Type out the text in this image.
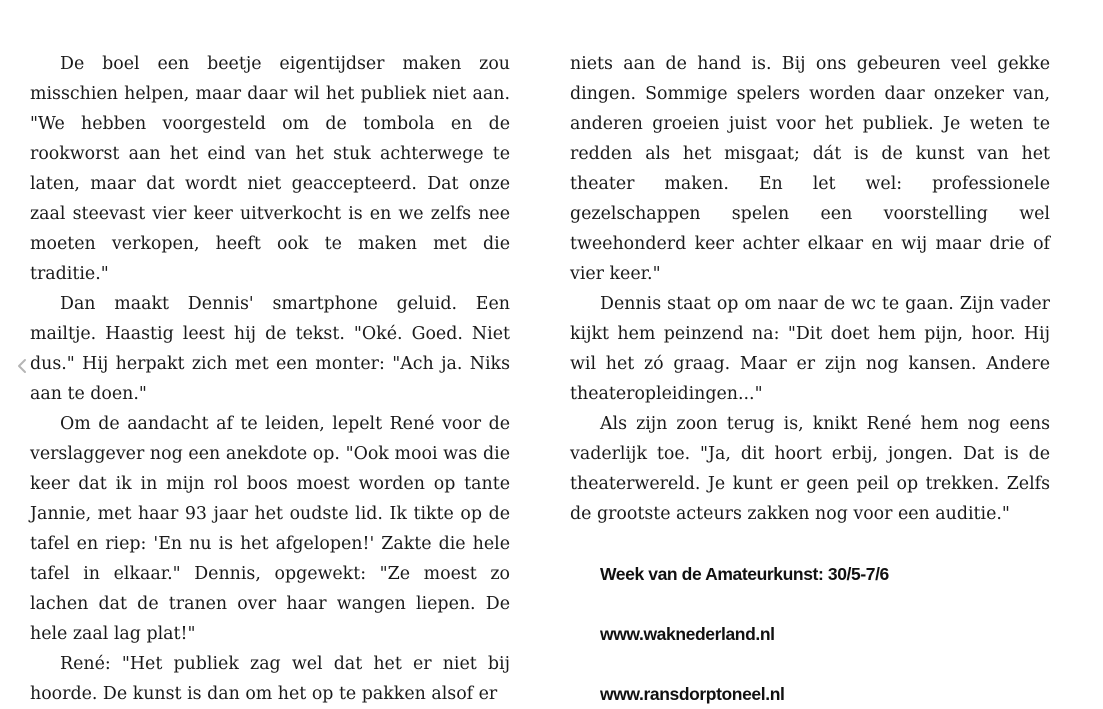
De boel een beetje eigentijdser maken zou misschien helpen, maar daar wil het publiek niet aan. "We hebben voorgesteld om de tombola en de rookworst aan het eind van het stuk achterwege te laten, maar dat wordt niet geaccepteerd. Dat onze zaal steevast vier keer uitverkocht is en we zelfs nee moeten verkopen, heeft ook te maken met die traditie."

Dan maakt Dennis' smartphone geluid. Een mailtje. Haastig leest hij de tekst. "Oké. Goed. Niet dus." Hij herpakt zich met een monter: "Ach ja. Niks aan te doen."

Om de aandacht af te leiden, lepelt René voor de verslaggever nog een anekdote op. "Ook mooi was die keer dat ik in mijn rol boos moest worden op tante Jannie, met haar 93 jaar het oudste lid. Ik tikte op de tafel en riep: 'En nu is het afgelopen!' Zakte die hele tafel in elkaar." Dennis, opgewekt: "Ze moest zo lachen dat de tranen over haar wangen liepen. De hele zaal lag plat!"

René: "Het publiek zag wel dat het er niet bij hoorde. De kunst is dan om het op te pakken alsof er

niets aan de hand is. Bij ons gebeuren veel gekke dingen. Sommige spelers worden daar onzeker van, anderen groeien juist voor het publiek. Je weten te redden als het misgaat; dát is de kunst van het theater maken. En let wel: professionele gezelschappen spelen een voorstelling wel tweehonderd keer achter elkaar en wij maar drie of vier keer."

Dennis staat op om naar de wc te gaan. Zijn vader kijkt hem peinzend na: "Dit doet hem pijn, hoor. Hij wil het zó graag. Maar er zijn nog kansen. Andere theateropleidingen..."

Als zijn zoon terug is, knikt René hem nog eens vaderlijk toe. "Ja, dit hoort erbij, jongen. Dat is de theaterwereld. Je kunt er geen peil op trekken. Zelfs de grootste acteurs zakken nog voor een auditie."

Week van de Amateurkunst: 30/5-7/6

www.waknederland.nl

www.ransdorptoneel.nl
